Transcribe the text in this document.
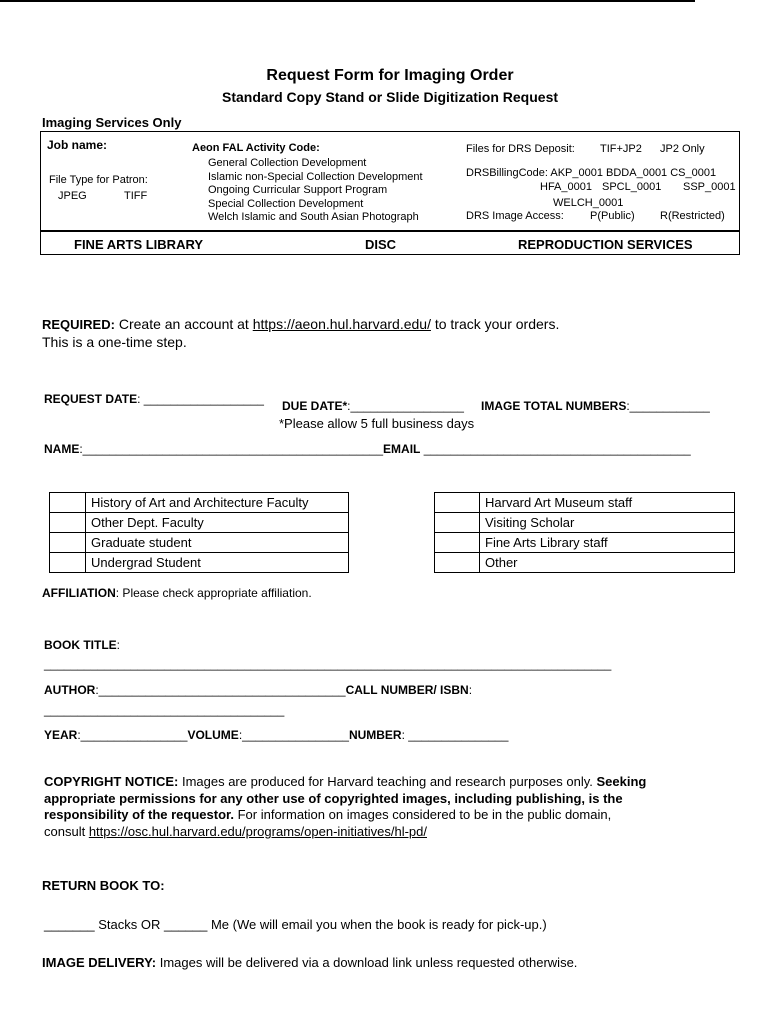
Request Form for Imaging Order
Standard Copy Stand or Slide Digitization Request
Imaging Services Only
Job name:
File Type for Patron:
JPEG	TIFF
Aeon FAL Activity Code:
General Collection Development
Islamic non-Special Collection Development
Ongoing Curricular Support Program
Special Collection Development
Welch Islamic and South Asian Photograph
Files for DRS Deposit: TIF+JP2 JP2 Only
DRSBillingCode: AKP_0001 BDDA_0001 CS_0001
HFA_0001 SPCL_0001 SSP_0001
WELCH_0001
DRS Image Access: P(Public) R(Restricted)
FINE ARTS LIBRARY	DISC	REPRODUCTION SERVICES
REQUIRED: Create an account at https://aeon.hul.harvard.edu/ to track your orders.
This is a one-time step.
REQUEST DATE: __________________ DUE DATE*:_________________ IMAGE TOTAL NUMBERS:____________
*Please allow 5 full business days
NAME:_____________________________________________EMAIL ________________________________________
	History of Art and Architecture Faculty
	Other Dept. Faculty
	Graduate student
	Undergrad Student
	Harvard Art Museum staff
	Visiting Scholar
	Fine Arts Library staff
	Other
AFFILIATION: Please check appropriate affiliation.
BOOK TITLE:
_____________________________________________________________________________________
AUTHOR:_____________________________________CALL NUMBER/ ISBN:
____________________________________
YEAR:________________VOLUME:________________NUMBER: _______________
COPYRIGHT NOTICE: Images are produced for Harvard teaching and research purposes only. Seeking
appropriate permissions for any other use of copyrighted images, including publishing, is the
responsibility of the requestor. For information on images considered to be in the public domain,
consult https://osc.hul.harvard.edu/programs/open-initiatives/hl-pd/
RETURN BOOK TO:
_______ Stacks OR ______ Me (We will email you when the book is ready for pick-up.)
IMAGE DELIVERY: Images will be delivered via a download link unless requested otherwise.
